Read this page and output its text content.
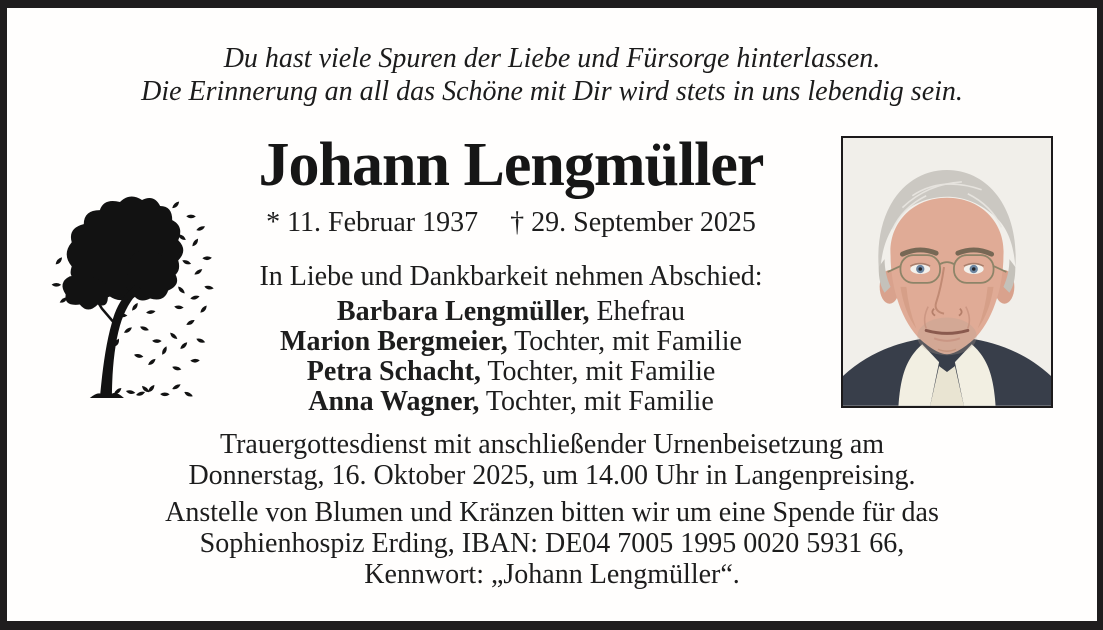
Du hast viele Spuren der Liebe und Fürsorge hinterlassen.
Die Erinnerung an all das Schöne mit Dir wird stets in uns lebendig sein.
Johann Lengmüller
* 11. Februar 1937 † 29. September 2025
In Liebe und Dankbarkeit nehmen Abschied:
Barbara Lengmüller, Ehefrau
Marion Bergmeier, Tochter, mit Familie
Petra Schacht, Tochter, mit Familie
Anna Wagner, Tochter, mit Familie
Trauergottesdienst mit anschließender Urnenbeisetzung am
Donnerstag, 16. Oktober 2025, um 14.00 Uhr in Langenpreising.
Anstelle von Blumen und Kränzen bitten wir um eine Spende für das
Sophienhospiz Erding, IBAN: DE04 7005 1995 0020 5931 66,
Kennwort: „Johann Lengmüller“.
